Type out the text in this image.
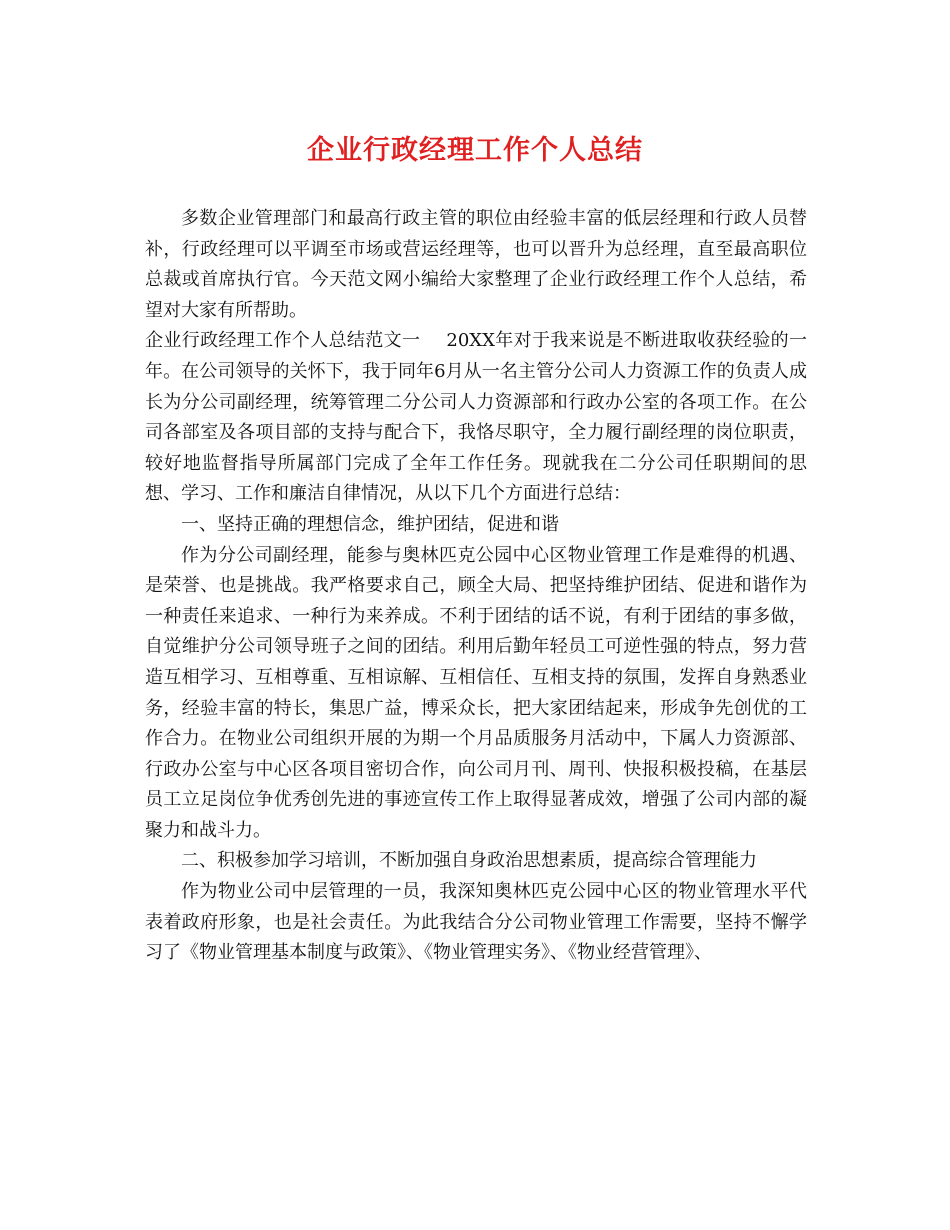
企业行政经理工作个人总结

多数企业管理部门和最高行政主管的职位由经验丰富的低层经理和行政人员替补，行政经理可以平调至市场或营运经理等，也可以晋升为总经理，直至最高职位总裁或首席执行官。今天范文网小编给大家整理了企业行政经理工作个人总结，希望对大家有所帮助。

企业行政经理工作个人总结范文一 20XX年对于我来说是不断进取收获经验的一年。在公司领导的关怀下，我于同年6月从一名主管分公司人力资源工作的负责人成长为分公司副经理，统筹管理二分公司人力资源部和行政办公室的各项工作。在公司各部室及各项目部的支持与配合下，我恪尽职守，全力履行副经理的岗位职责，较好地监督指导所属部门完成了全年工作任务。现就我在二分公司任职期间的思想、学习、工作和廉洁自律情况，从以下几个方面进行总结：

一、坚持正确的理想信念，维护团结，促进和谐

作为分公司副经理，能参与奥林匹克公园中心区物业管理工作是难得的机遇、是荣誉、也是挑战。我严格要求自己，顾全大局、把坚持维护团结、促进和谐作为一种责任来追求、一种行为来养成。不利于团结的话不说，有利于团结的事多做，自觉维护分公司领导班子之间的团结。利用后勤年轻员工可逆性强的特点，努力营造互相学习、互相尊重、互相谅解、互相信任、互相支持的氛围，发挥自身熟悉业务，经验丰富的特长，集思广益，博采众长，把大家团结起来，形成争先创优的工作合力。在物业公司组织开展的为期一个月品质服务月活动中，下属人力资源部、行政办公室与中心区各项目密切合作，向公司月刊、周刊、快报积极投稿，在基层员工立足岗位争优秀创先进的事迹宣传工作上取得显著成效，增强了公司内部的凝聚力和战斗力。

二、积极参加学习培训，不断加强自身政治思想素质，提高综合管理能力

作为物业公司中层管理的一员，我深知奥林匹克公园中心区的物业管理水平代表着政府形象，也是社会责任。为此我结合分公司物业管理工作需要，坚持不懈学习了《物业管理基本制度与政策》、《物业管理实务》、《物业经营管理》、
